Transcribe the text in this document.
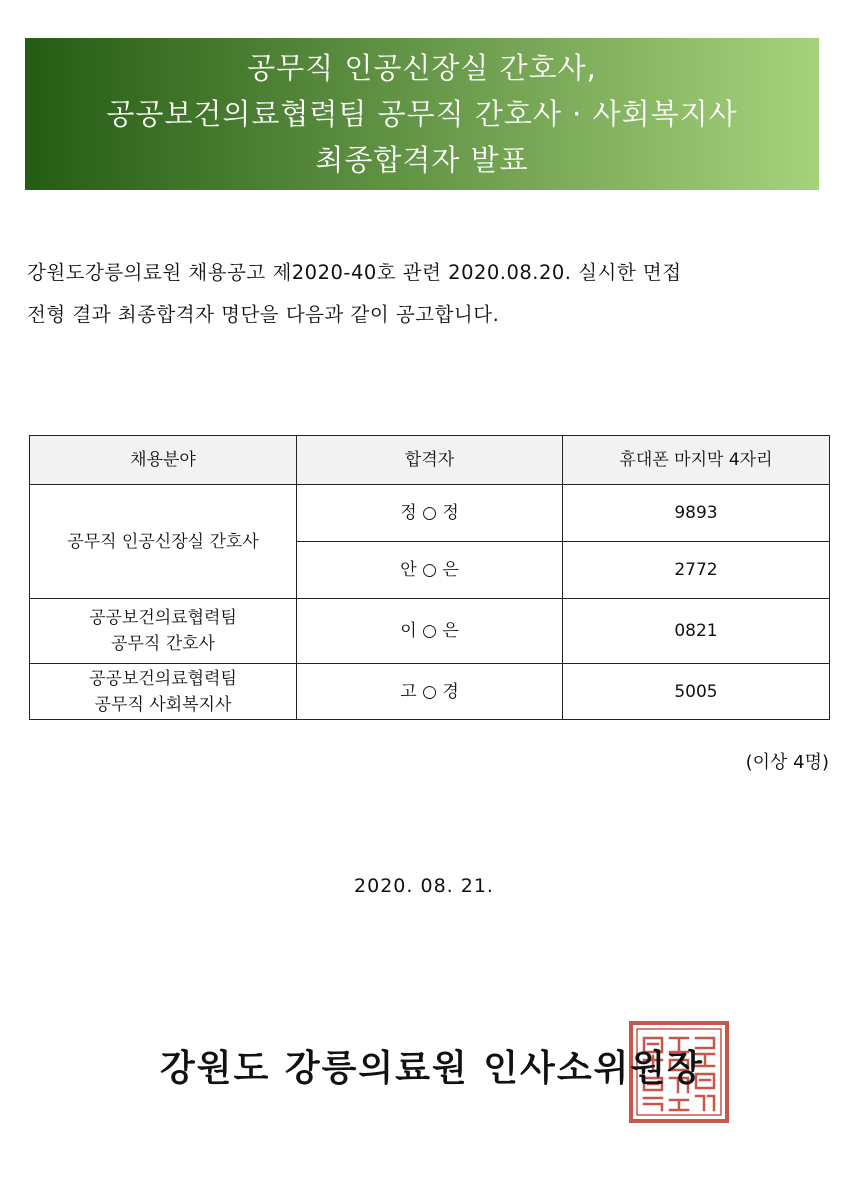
공무직 인공신장실 간호사,
공공보건의료협력팀 공무직 간호사 · 사회복지사
최종합격자 발표
강원도강릉의료원 채용공고 제2020-40호 관련 2020.08.20. 실시한 면접
전형 결과 최종합격자 명단을 다음과 같이 공고합니다.
채용분야	합격자	휴대폰 마지막 4자리

공무직 인공신장실 간호사	정 ○ 정	9893
	안 ○ 은	2772

공공보건의료협력팀
공무직 간호사	이 ○ 은	0821

공공보건의료협력팀
공무직 사회복지사	고 ○ 경	5005
(이상 4명)
2020. 08. 21.
강원도 강릉의료원 인사소위원장
